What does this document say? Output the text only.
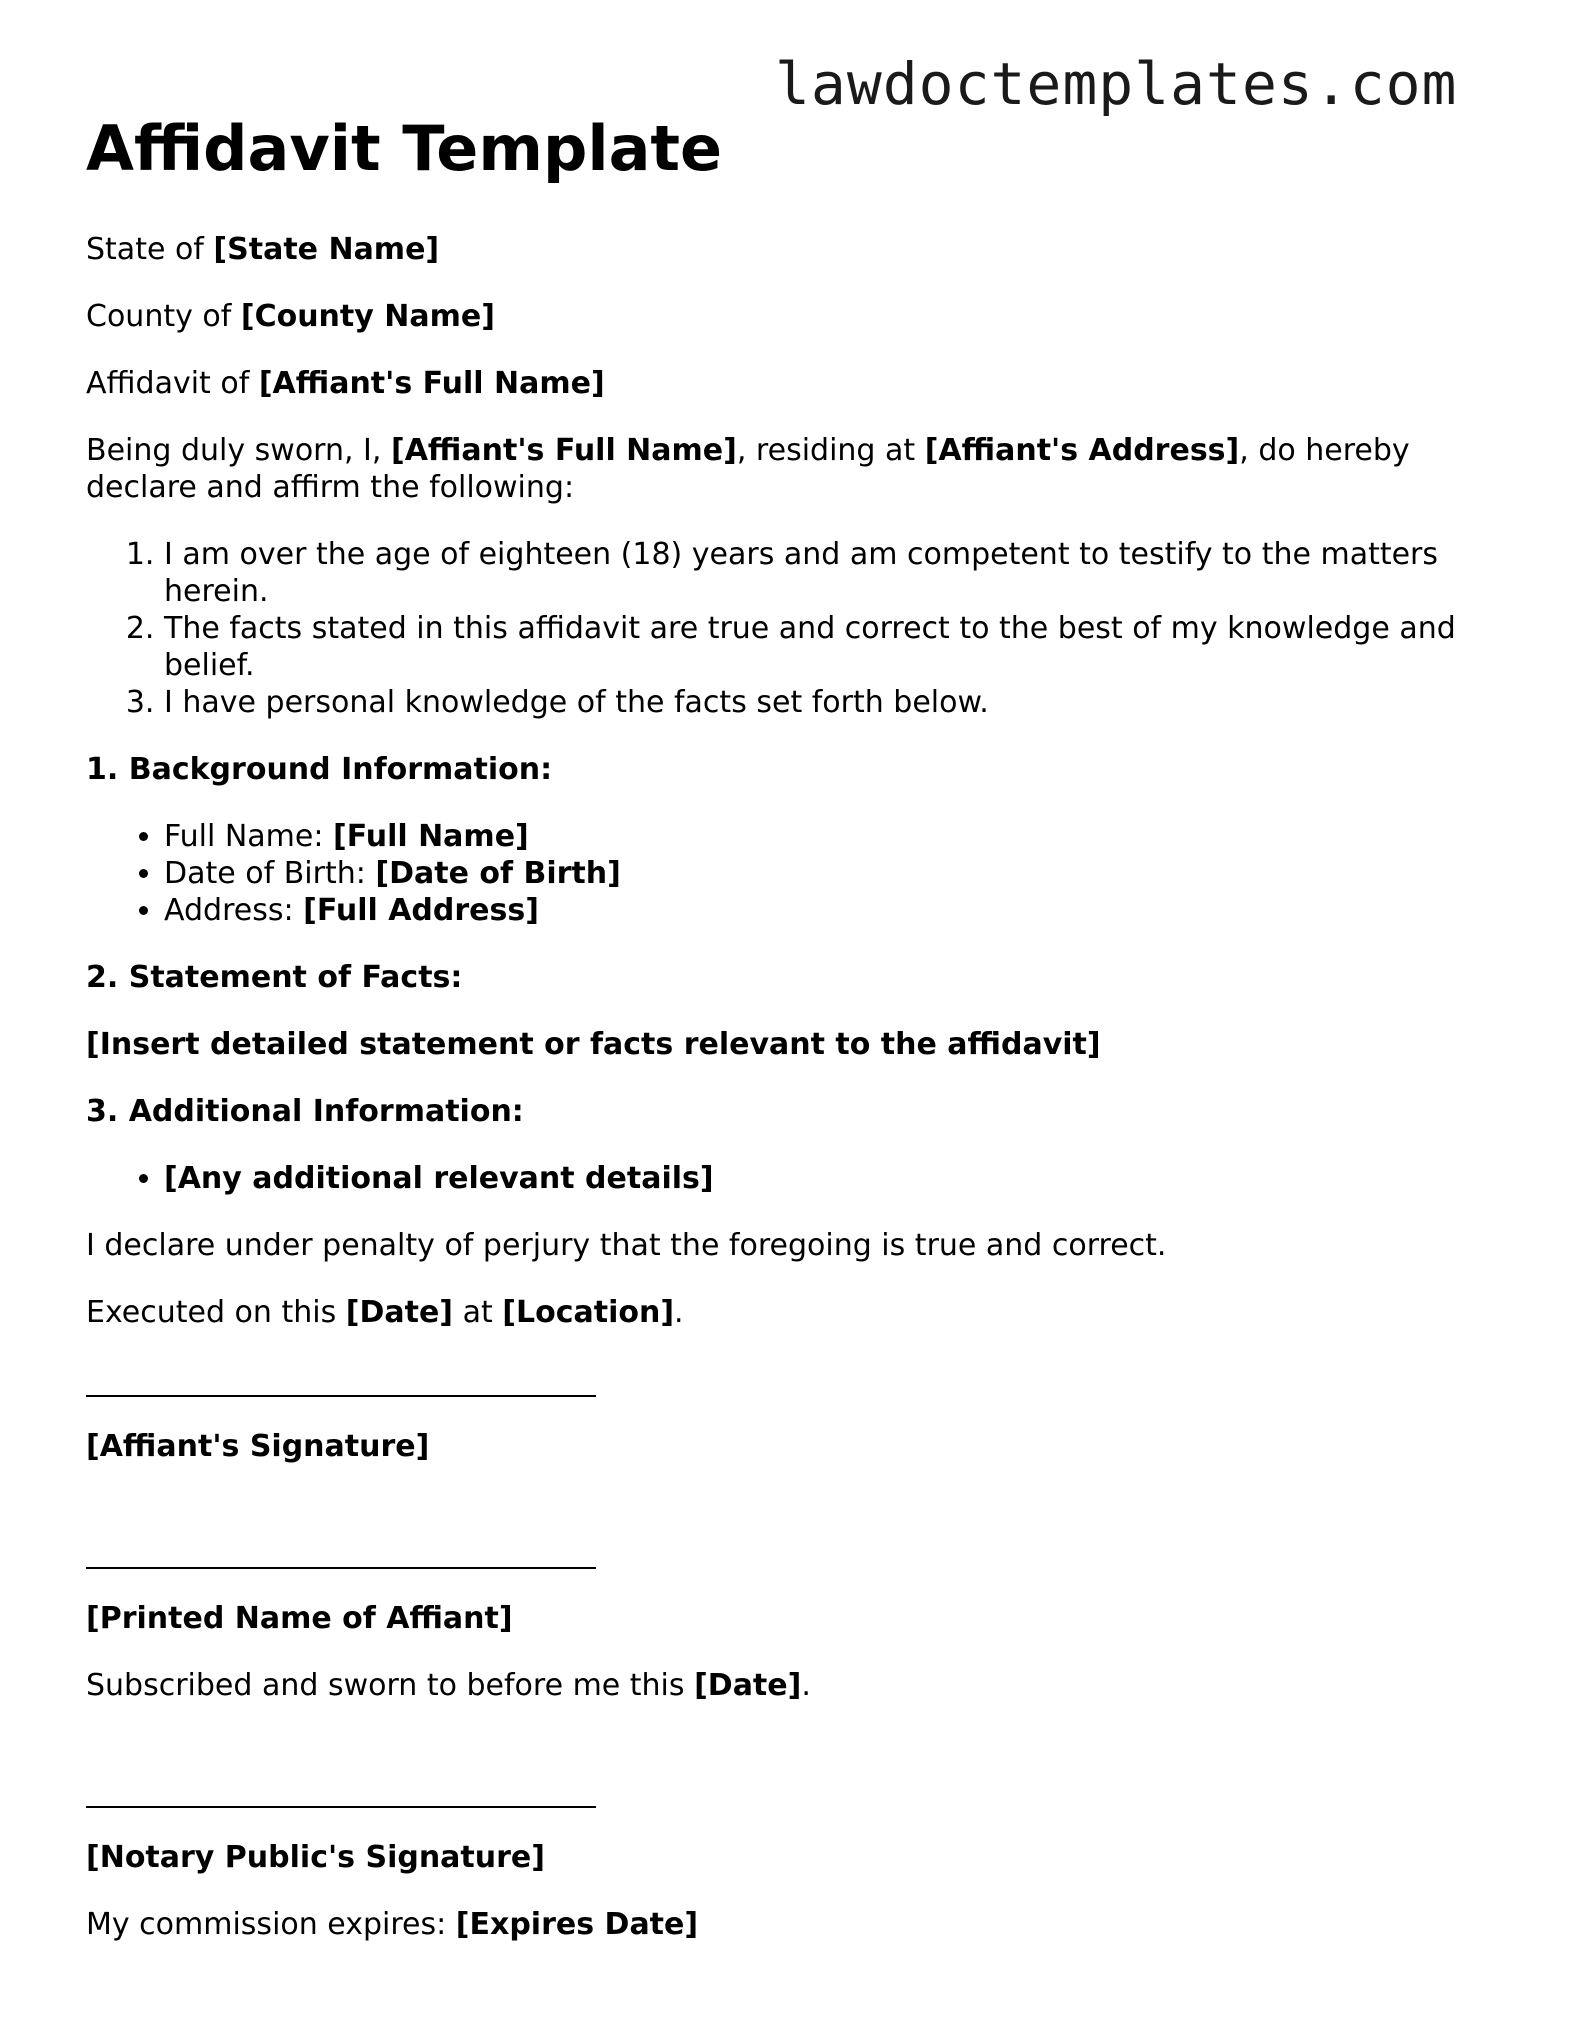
lawdoctemplates.com
Affidavit Template

State of [State Name]

County of [County Name]

Affidavit of [Affiant's Full Name]

Being duly sworn, I, [Affiant's Full Name], residing at [Affiant's Address], do hereby declare and affirm the following:

1. I am over the age of eighteen (18) years and am competent to testify to the matters herein.
2. The facts stated in this affidavit are true and correct to the best of my knowledge and belief.
3. I have personal knowledge of the facts set forth below.

1. Background Information:

• Full Name: [Full Name]
• Date of Birth: [Date of Birth]
• Address: [Full Address]

2. Statement of Facts:

[Insert detailed statement or facts relevant to the affidavit]

3. Additional Information:

• [Any additional relevant details]

I declare under penalty of perjury that the foregoing is true and correct.

Executed on this [Date] at [Location].

[Affiant's Signature]

[Printed Name of Affiant]

Subscribed and sworn to before me this [Date].

[Notary Public's Signature]

My commission expires: [Expires Date]
